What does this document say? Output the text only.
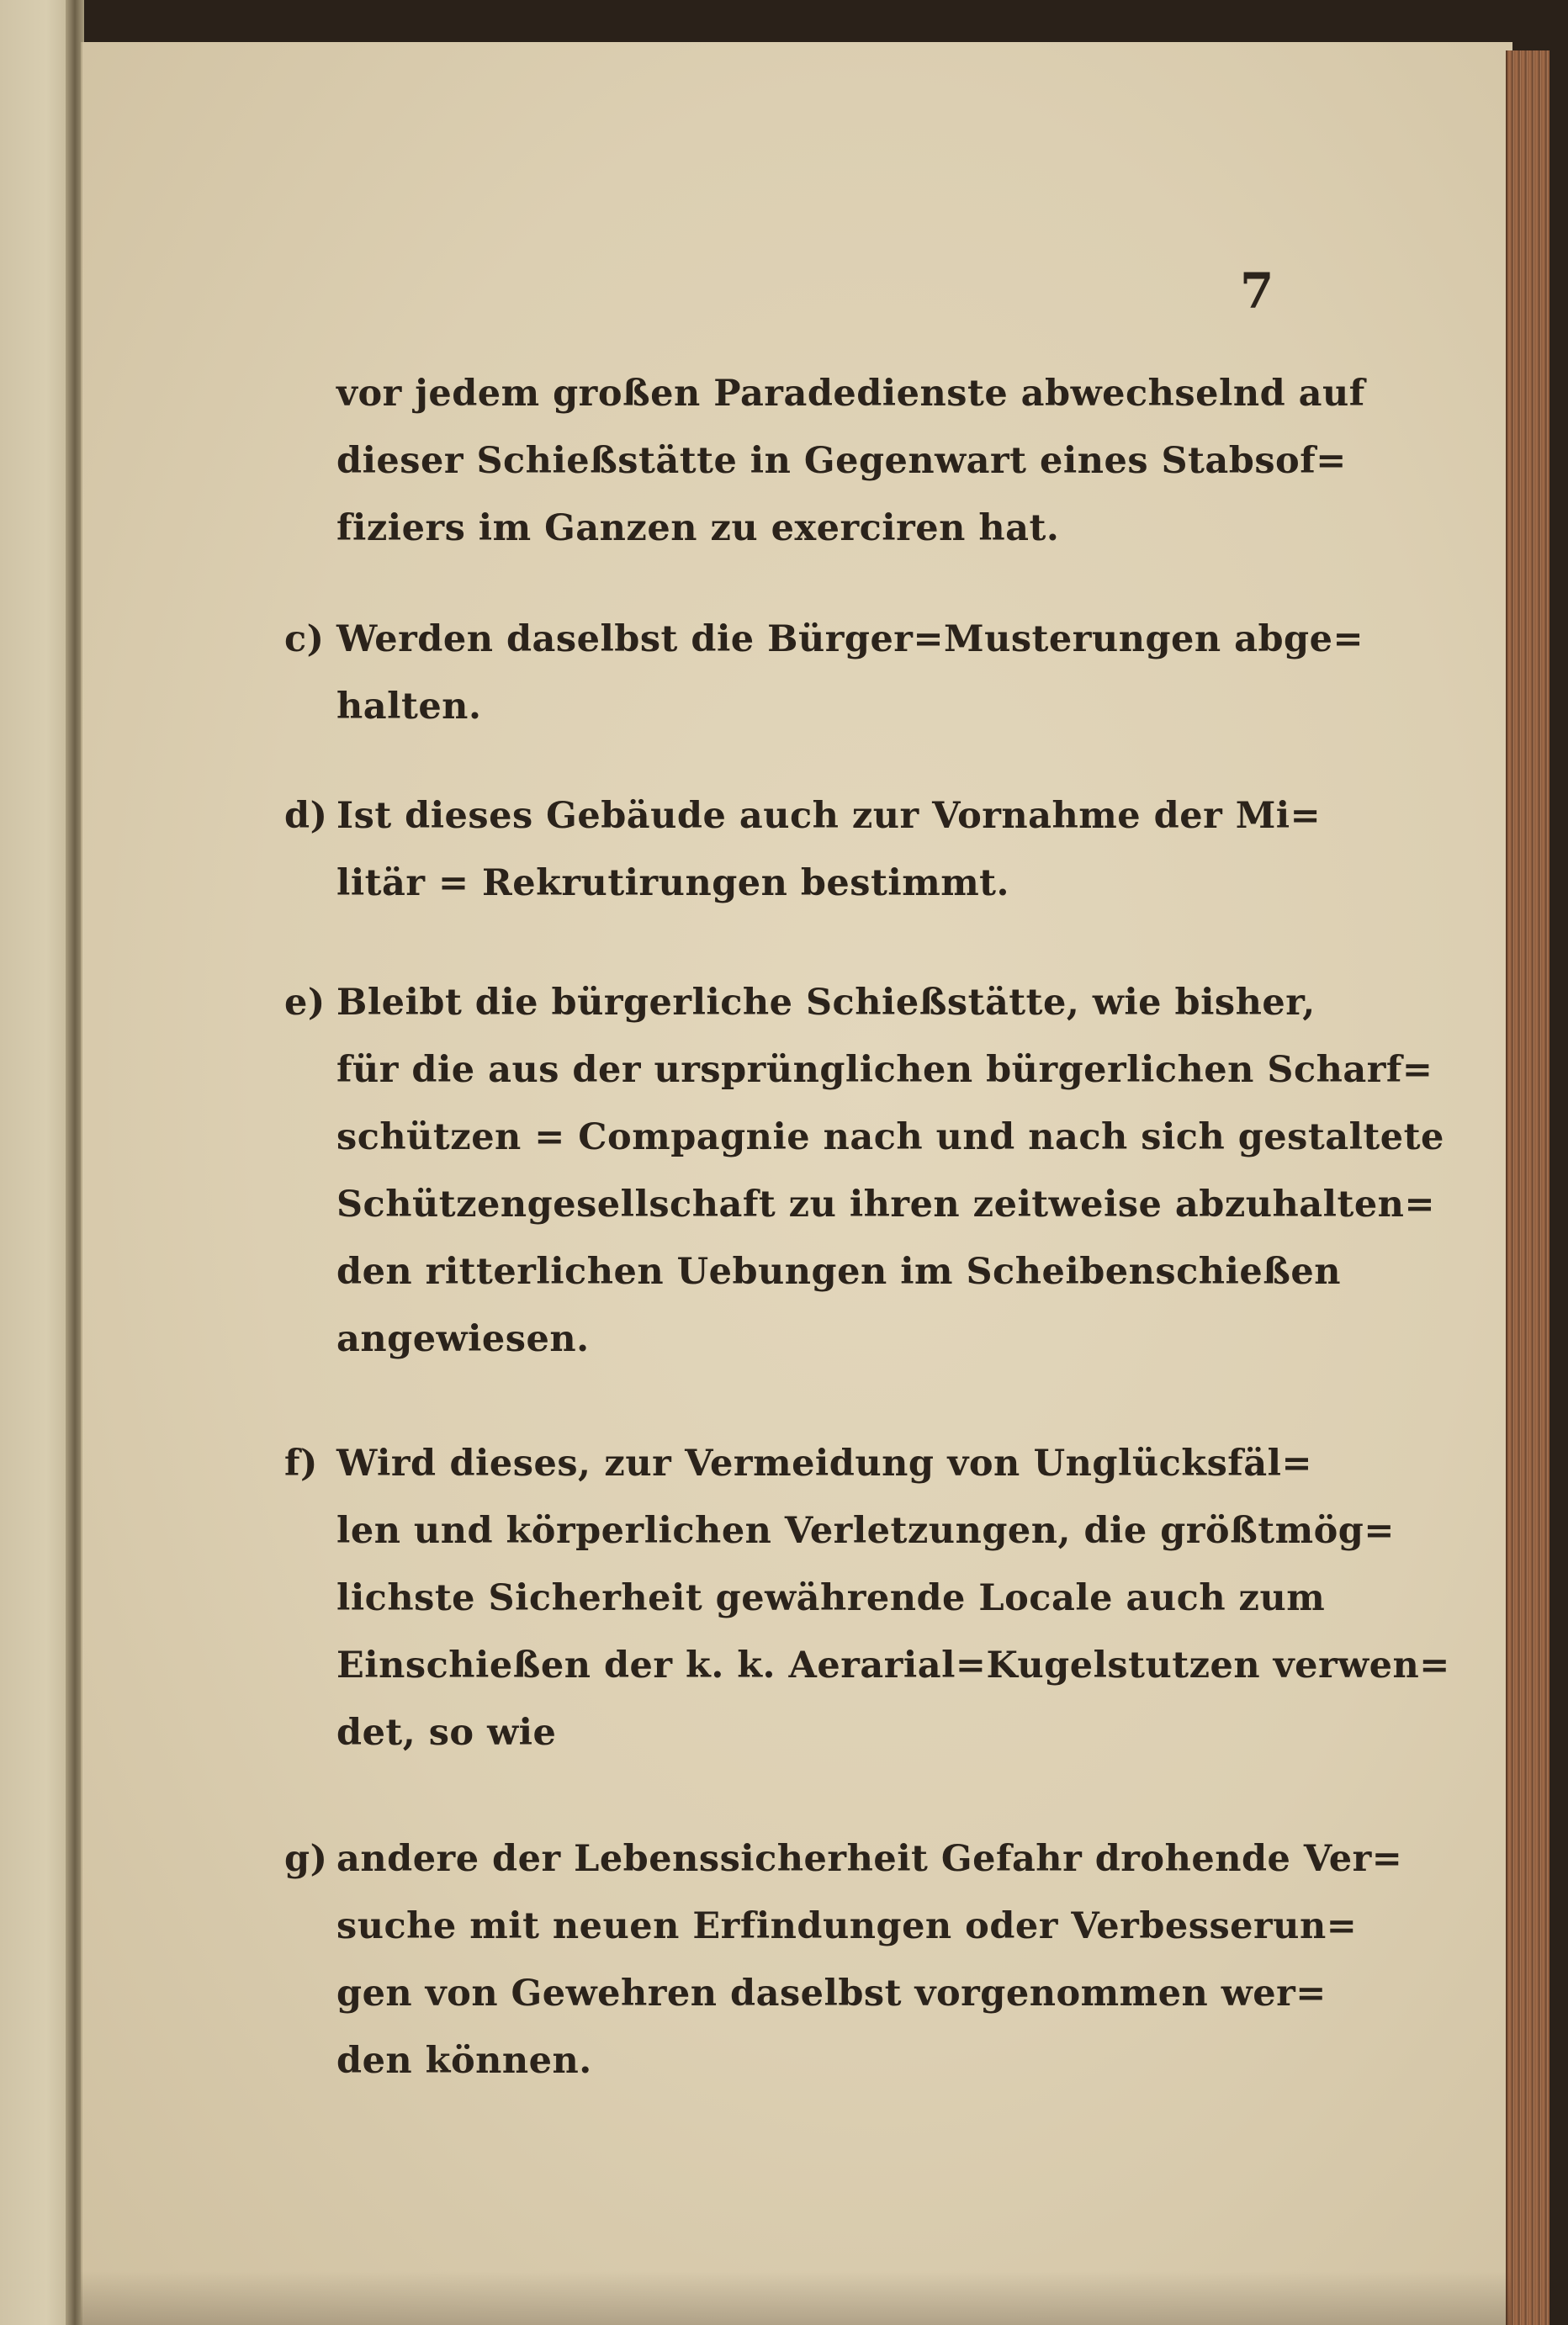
7
vor jedem großen Paradedienste abwechselnd auf
dieser Schießstätte in Gegenwart eines Stabsof=
fiziers im Ganzen zu exerciren hat.
c) Werden daselbst die Bürger=Musterungen abge=
halten.
d) Ist dieses Gebäude auch zur Vornahme der Mi=
litär = Rekrutirungen bestimmt.
e) Bleibt die bürgerliche Schießstätte, wie bisher,
für die aus der ursprünglichen bürgerlichen Scharf=
schützen = Compagnie nach und nach sich gestaltete
Schützengesellschaft zu ihren zeitweise abzuhalten=
den ritterlichen Uebungen im Scheibenschießen
angewiesen.
f) Wird dieses, zur Vermeidung von Unglücksfäl=
len und körperlichen Verletzungen, die größtmög=
lichste Sicherheit gewährende Locale auch zum
Einschießen der k. k. Aerarial=Kugelstutzen verwen=
det, so wie
g) andere der Lebenssicherheit Gefahr drohende Ver=
suche mit neuen Erfindungen oder Verbesserun=
gen von Gewehren daselbst vorgenommen wer=
den können.
